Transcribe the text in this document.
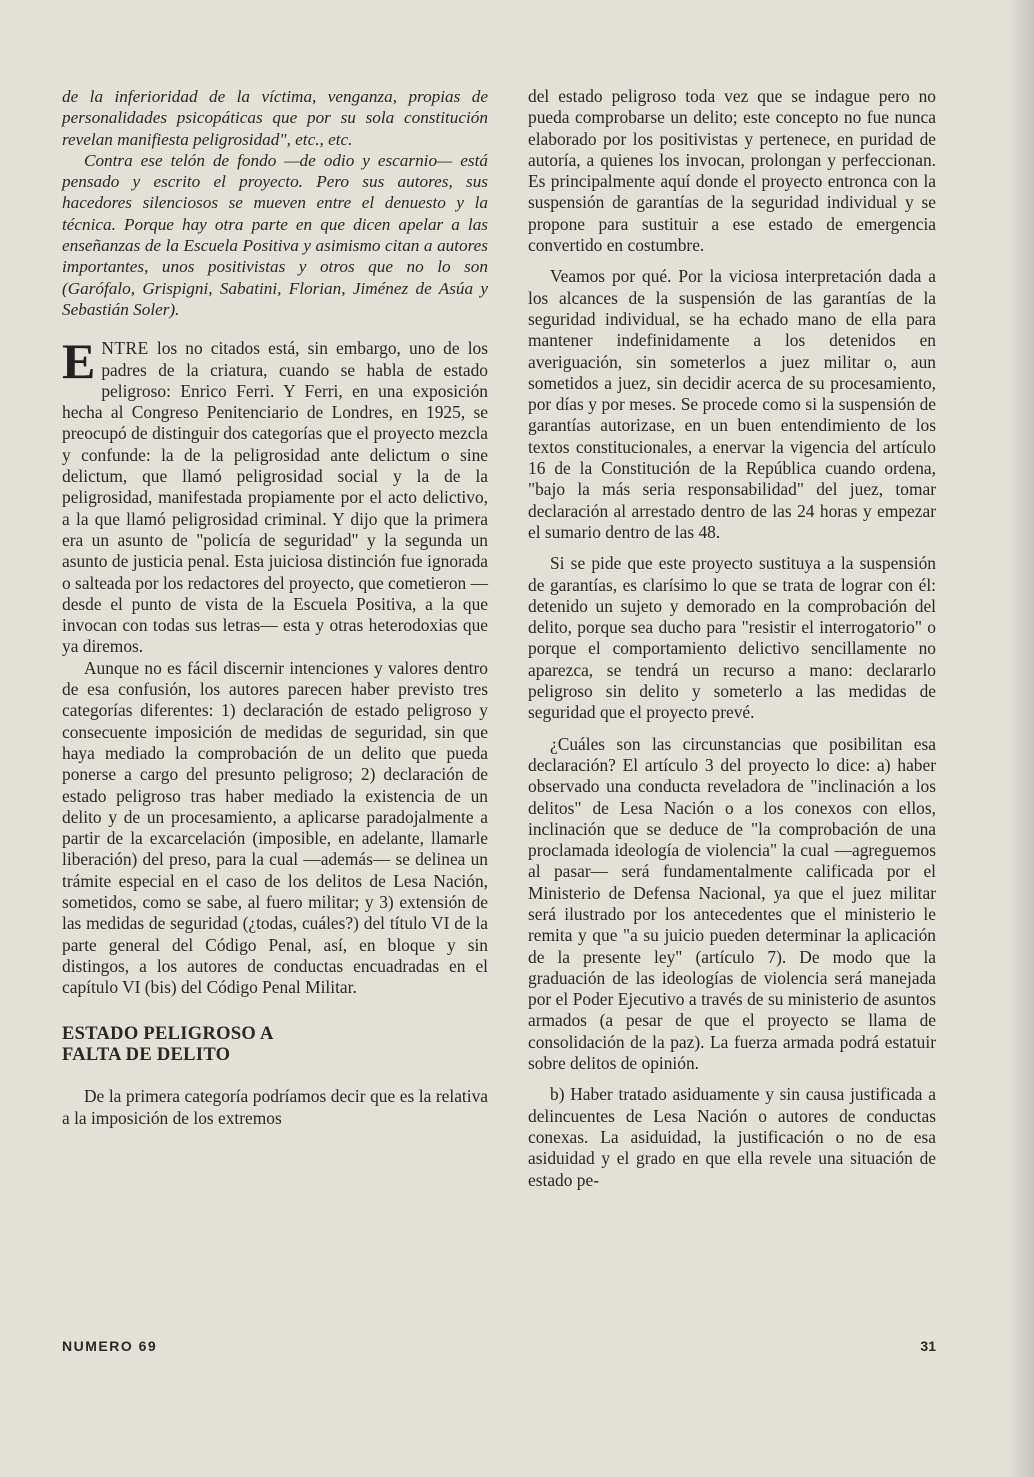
de la inferioridad de la víctima, venganza, propias de personalidades psicopáticas que por su sola constitución revelan manifiesta peligrosidad", etc., etc.

Contra ese telón de fondo —de odio y escarnio— está pensado y escrito el proyecto. Pero sus autores, sus hacedores silenciosos se mueven entre el denuesto y la técnica. Porque hay otra parte en que dicen apelar a las enseñanzas de la Escuela Positiva y asimismo citan a autores importantes, unos positivistas y otros que no lo son (Garófalo, Grispigni, Sabatini, Florian, Jiménez de Asúa y Sebastián Soler).

ENTRE los no citados está, sin embargo, uno de los padres de la criatura, cuando se habla de estado peligroso: Enrico Ferri. Y Ferri, en una exposición hecha al Congreso Penitenciario de Londres, en 1925, se preocupó de distinguir dos categorías que el proyecto mezcla y confunde: la de la peligrosidad ante delictum o sine delictum, que llamó peligrosidad social y la de la peligrosidad, manifestada propiamente por el acto delictivo, a la que llamó peligrosidad criminal. Y dijo que la primera era un asunto de "policía de seguridad" y la segunda un asunto de justicia penal. Esta juiciosa distinción fue ignorada o salteada por los redactores del proyecto, que cometieron —desde el punto de vista de la Escuela Positiva, a la que invocan con todas sus letras— esta y otras heterodoxias que ya diremos.

Aunque no es fácil discernir intenciones y valores dentro de esa confusión, los autores parecen haber previsto tres categorías diferentes: 1) declaración de estado peligroso y consecuente imposición de medidas de seguridad, sin que haya mediado la comprobación de un delito que pueda ponerse a cargo del presunto peligroso; 2) declaración de estado peligroso tras haber mediado la existencia de un delito y de un procesamiento, a aplicarse paradojalmente a partir de la excarcelación (imposible, en adelante, llamarle liberación) del preso, para la cual —además— se delinea un trámite especial en el caso de los delitos de Lesa Nación, sometidos, como se sabe, al fuero militar; y 3) extensión de las medidas de seguridad (¿todas, cuáles?) del título VI de la parte general del Código Penal, así, en bloque y sin distingos, a los autores de conductas encuadradas en el capítulo VI (bis) del Código Penal Militar.

ESTADO PELIGROSO A
FALTA DE DELITO

De la primera categoría podríamos decir que es la relativa a la imposición de los extremos

del estado peligroso toda vez que se indague pero no pueda comprobarse un delito; este concepto no fue nunca elaborado por los positivistas y pertenece, en puridad de autoría, a quienes los invocan, prolongan y perfeccionan. Es principalmente aquí donde el proyecto entronca con la suspensión de garantías de la seguridad individual y se propone para sustituir a ese estado de emergencia convertido en costumbre.

Veamos por qué. Por la viciosa interpretación dada a los alcances de la suspensión de las garantías de la seguridad individual, se ha echado mano de ella para mantener indefinidamente a los detenidos en averiguación, sin someterlos a juez militar o, aun sometidos a juez, sin decidir acerca de su procesamiento, por días y por meses. Se procede como si la suspensión de garantías autorizase, en un buen entendimiento de los textos constitucionales, a enervar la vigencia del artículo 16 de la Constitución de la República cuando ordena, "bajo la más seria responsabilidad" del juez, tomar declaración al arrestado dentro de las 24 horas y empezar el sumario dentro de las 48.

Si se pide que este proyecto sustituya a la suspensión de garantías, es clarísimo lo que se trata de lograr con él: detenido un sujeto y demorado en la comprobación del delito, porque sea ducho para "resistir el interrogatorio" o porque el comportamiento delictivo sencillamente no aparezca, se tendrá un recurso a mano: declararlo peligroso sin delito y someterlo a las medidas de seguridad que el proyecto prevé.

¿Cuáles son las circunstancias que posibilitan esa declaración? El artículo 3 del proyecto lo dice: a) haber observado una conducta reveladora de "inclinación a los delitos" de Lesa Nación o a los conexos con ellos, inclinación que se deduce de "la comprobación de una proclamada ideología de violencia" la cual —agreguemos al pasar— será fundamentalmente calificada por el Ministerio de Defensa Nacional, ya que el juez militar será ilustrado por los antecedentes que el ministerio le remita y que "a su juicio pueden determinar la aplicación de la presente ley" (artículo 7). De modo que la graduación de las ideologías de violencia será manejada por el Poder Ejecutivo a través de su ministerio de asuntos armados (a pesar de que el proyecto se llama de consolidación de la paz). La fuerza armada podrá estatuir sobre delitos de opinión.

b) Haber tratado asiduamente y sin causa justificada a delincuentes de Lesa Nación o autores de conductas conexas. La asiduidad, la justificación o no de esa asiduidad y el grado en que ella revele una situación de estado pe-

NUMERO 69	31
